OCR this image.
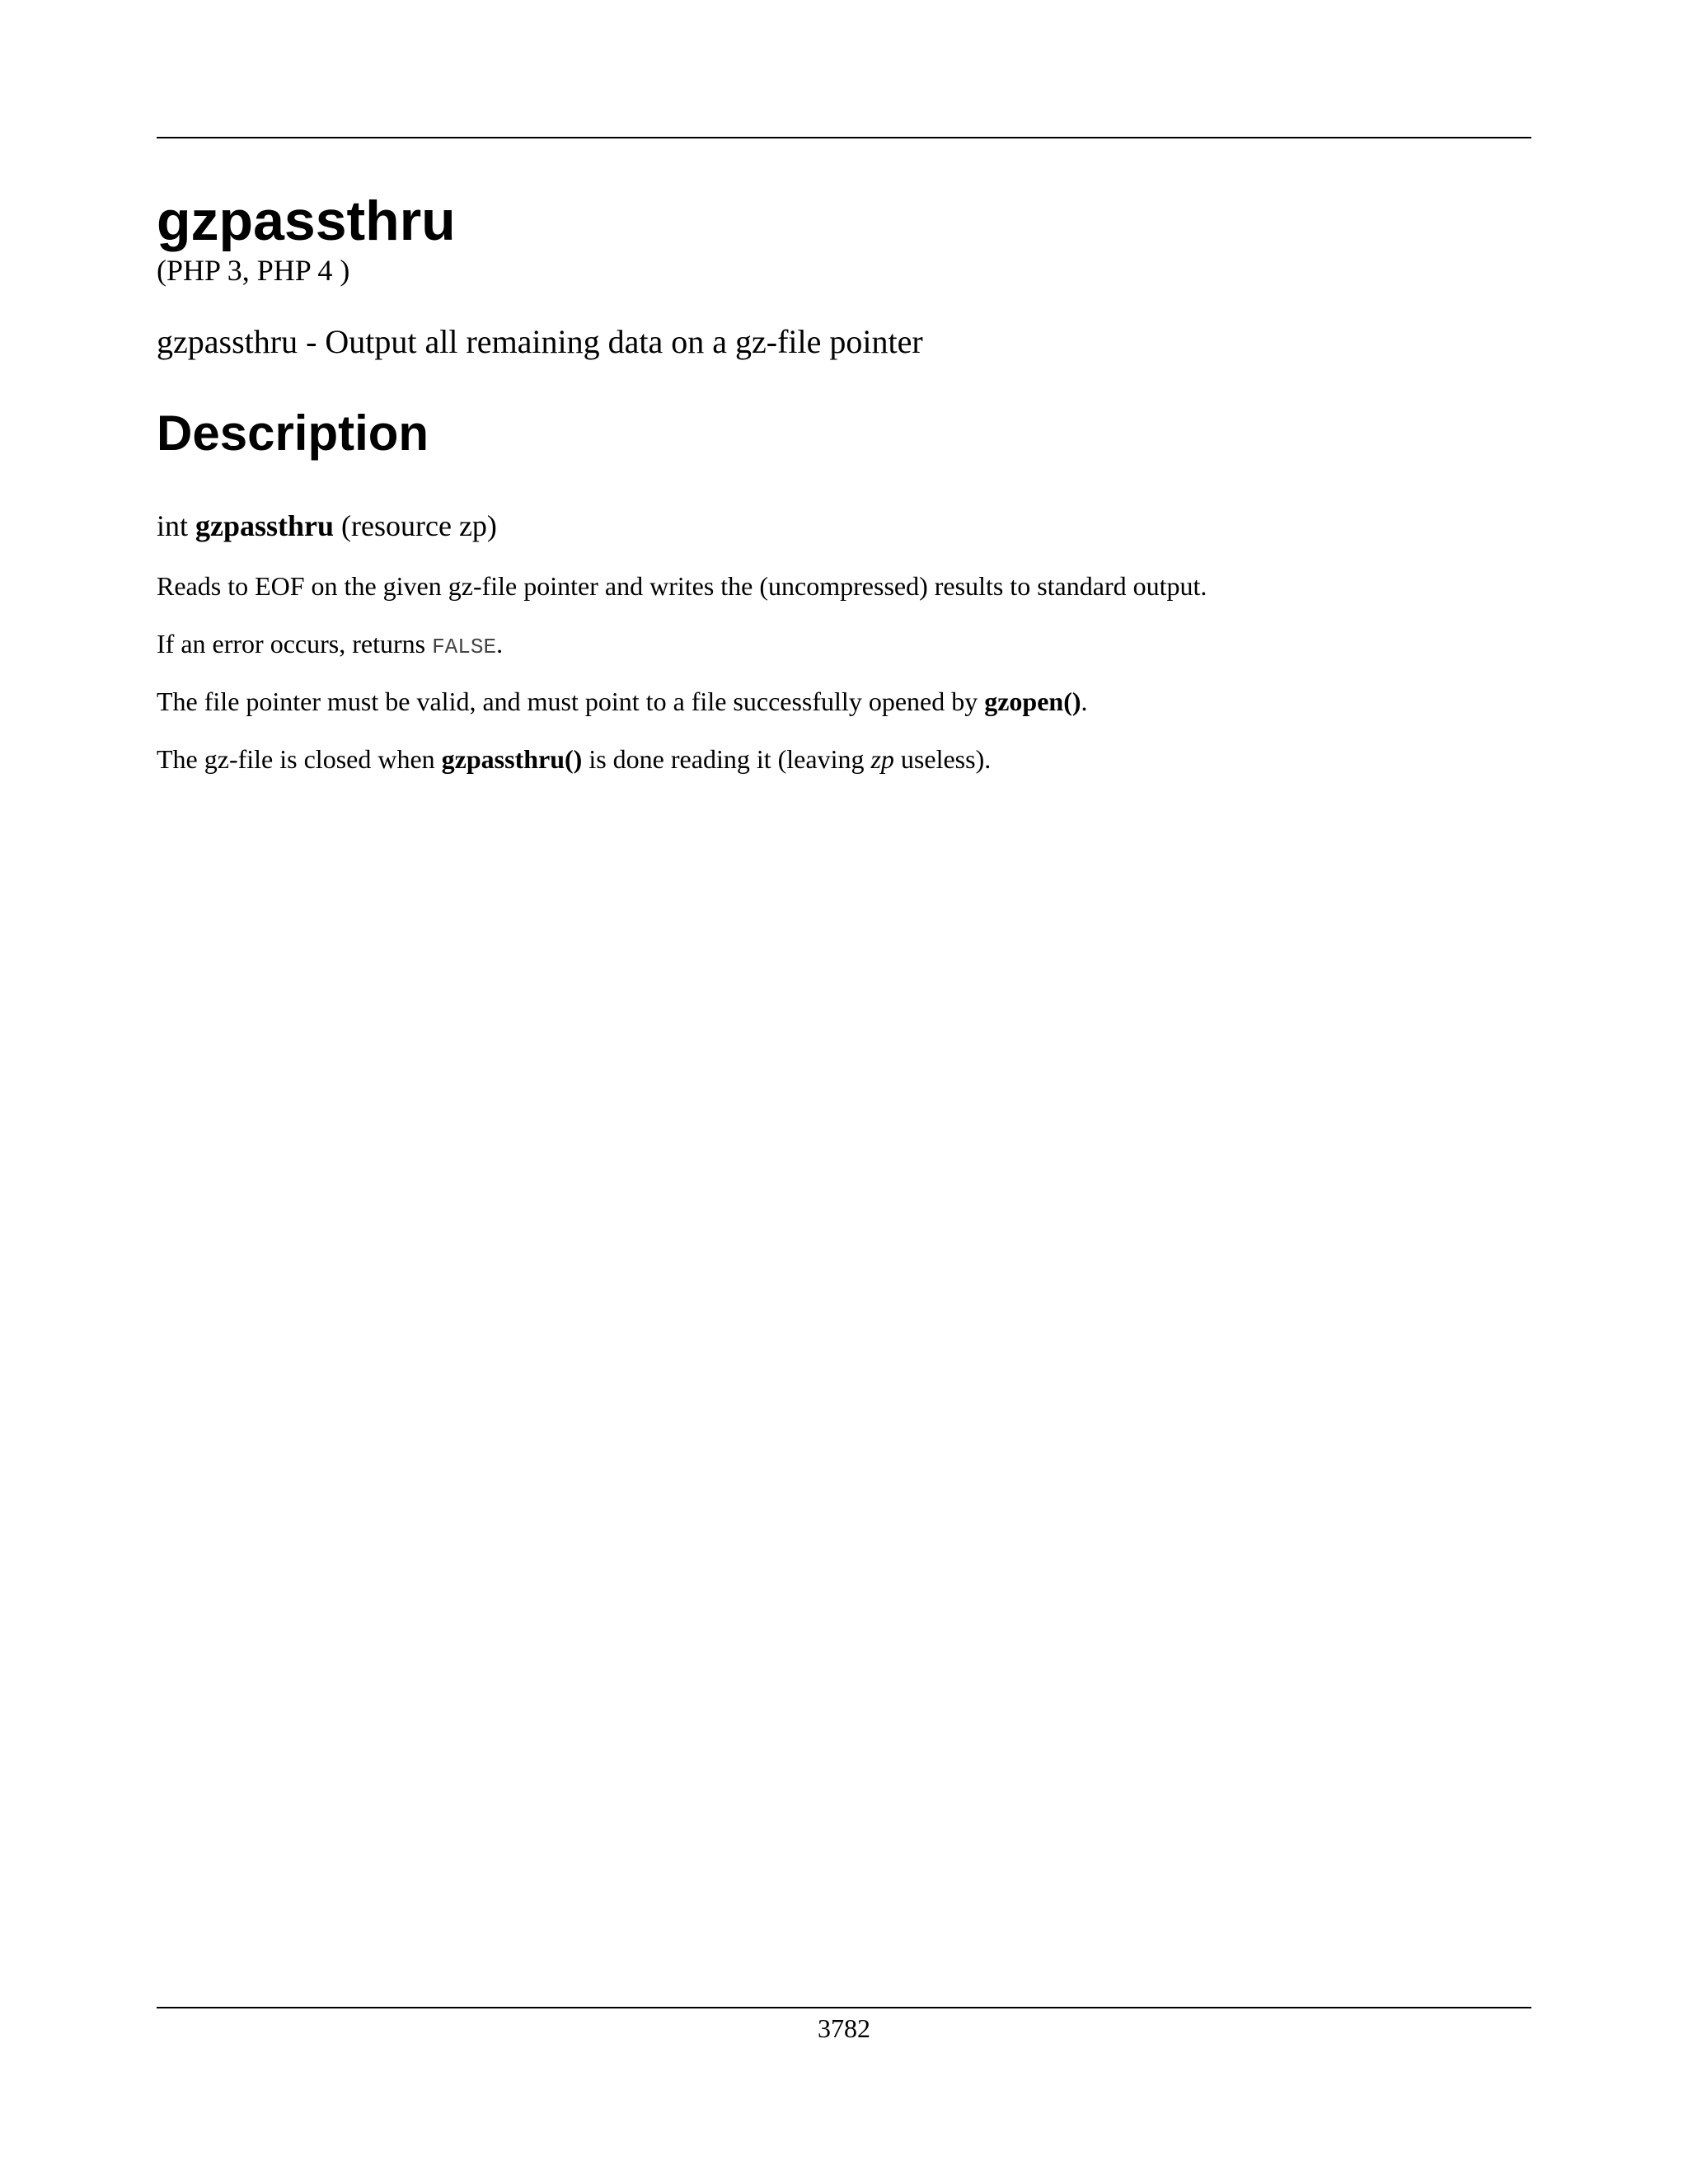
gzpassthru

(PHP 3, PHP 4 )

gzpassthru - Output all remaining data on a gz-file pointer

Description

int gzpassthru (resource zp)

Reads to EOF on the given gz-file pointer and writes the (uncompressed) results to standard output.

If an error occurs, returns FALSE.

The file pointer must be valid, and must point to a file successfully opened by gzopen().

The gz-file is closed when gzpassthru() is done reading it (leaving zp useless).

3782
